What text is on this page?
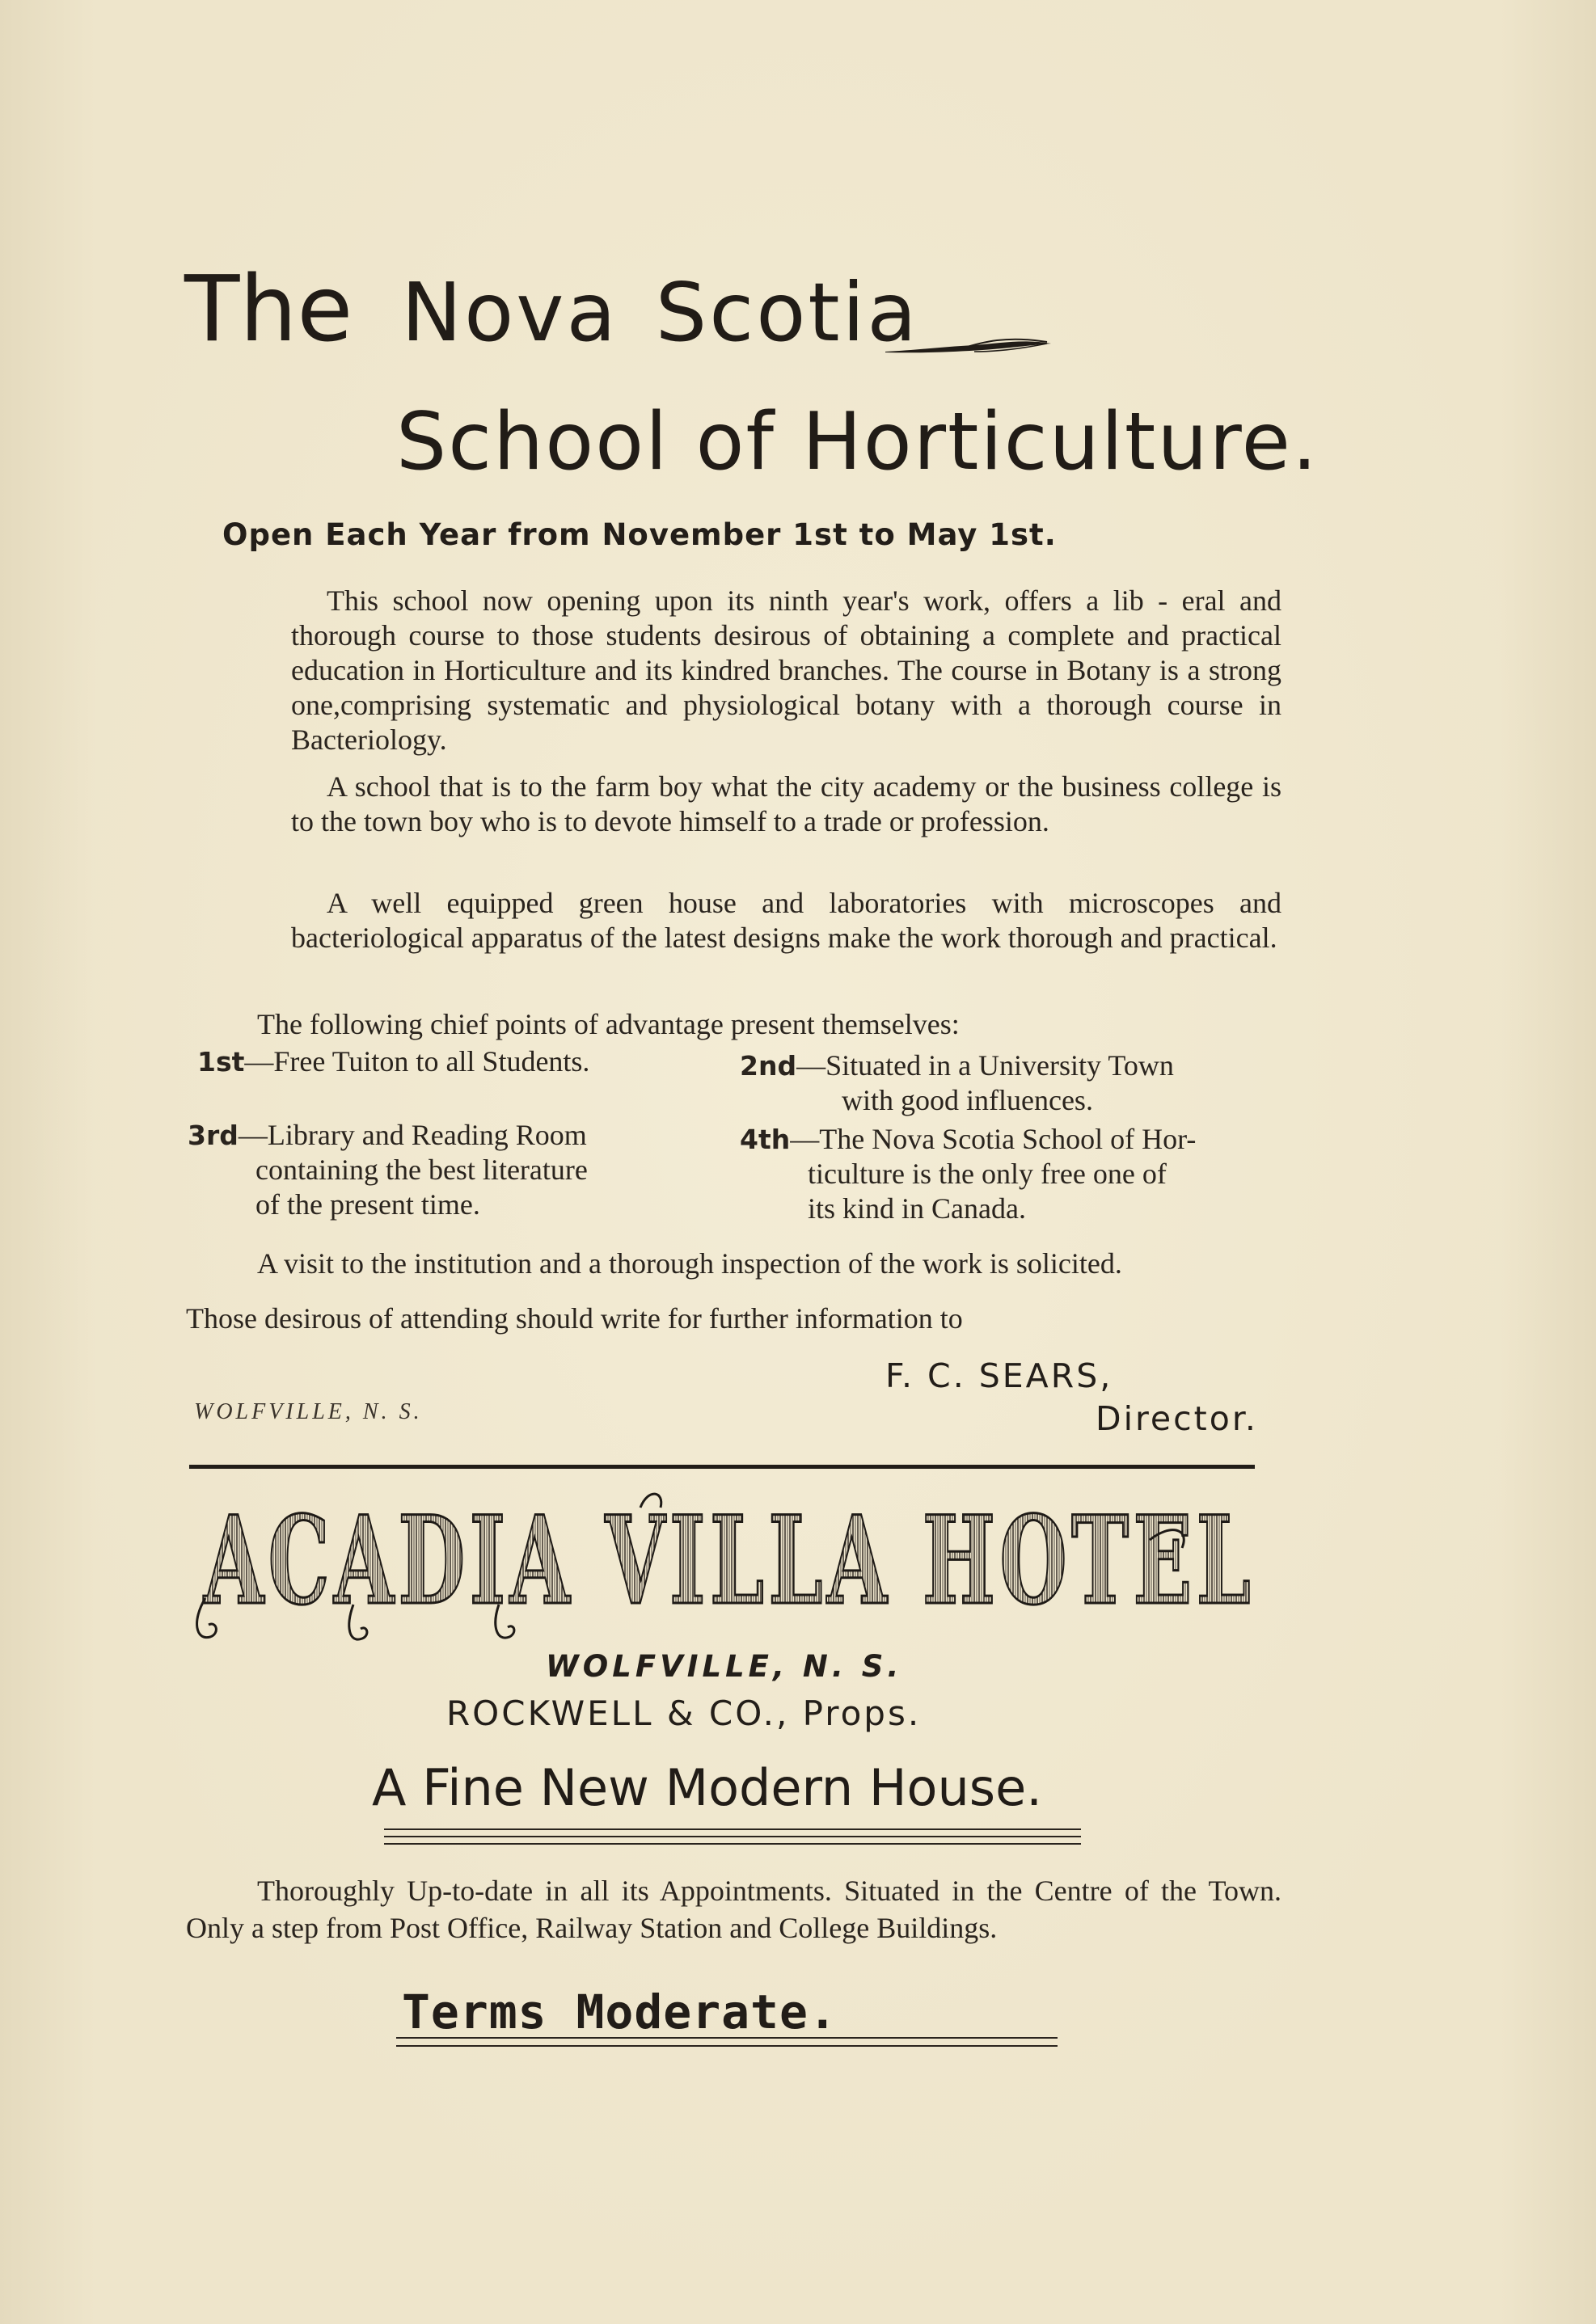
The Nova Scotia
School of Horticulture.
Open Each Year from November 1st to May 1st.

This school now opening upon its ninth year's work, offers a lib - eral and thorough course to those students desirous of obtaining a complete and practical education in Horticulture and its kindred branches. The course in Botany is a strong one,comprising systematic and physiological botany with a thorough course in Bacteriology.

A school that is to the farm boy what the city academy or the business college is to the town boy who is to devote himself to a trade or profession.

A well equipped green house and laboratories with microscopes and bacteriological apparatus of the latest designs make the work thorough and practical.

The following chief points of advantage present themselves:
1st—Free Tuiton to all Students.	2nd—Situated in a University Town
with good influences.
3rd—Library and Reading Room
containing the best literature
of the present time.
4th—The Nova Scotia School of Hor-
ticulture is the only free one of
its kind in Canada.
A visit to the institution and a thorough inspection of the work is solicited.
Those desirous of attending should write for further information to
F. C. SEARS,
WOLFVILLE, N. S.	Director.
ACADIA VILLA HOTEL
WOLFVILLE, N. S.
ROCKWELL & CO., Props.
A Fine New Modern House.

Thoroughly Up-to-date in all its Appointments. Situated in the Centre of the Town. Only a step from Post Office, Railway Station and College Buildings.

Terms Moderate.
